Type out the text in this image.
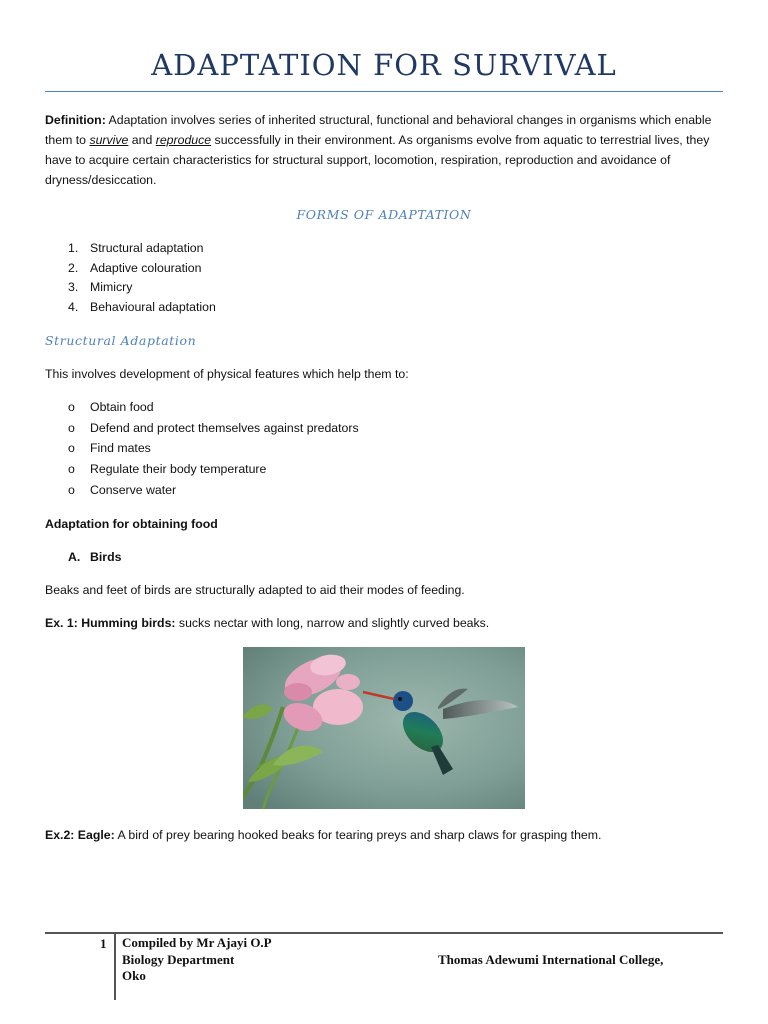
ADAPTATION FOR SURVIVAL
Definition: Adaptation involves series of inherited structural, functional and behavioral changes in organisms which enable them to survive and reproduce successfully in their environment. As organisms evolve from aquatic to terrestrial lives, they have to acquire certain characteristics for structural support, locomotion, respiration, reproduction and avoidance of dryness/desiccation.
FORMS OF ADAPTATION
1. Structural adaptation
2. Adaptive colouration
3. Mimicry
4. Behavioural adaptation
Structural Adaptation
This involves development of physical features which help them to:
o Obtain food
o Defend and protect themselves against predators
o Find mates
o Regulate their body temperature
o Conserve water
Adaptation for obtaining food
A. Birds
Beaks and feet of birds are structurally adapted to aid their modes of feeding.
Ex. 1: Humming birds: sucks nectar with long, narrow and slightly curved beaks.
Ex.2: Eagle: A bird of prey bearing hooked beaks for tearing preys and sharp claws for grasping them.
1 Compiled by Mr Ajayi O.P
Biology Department
Oko
Thomas Adewumi International College,
